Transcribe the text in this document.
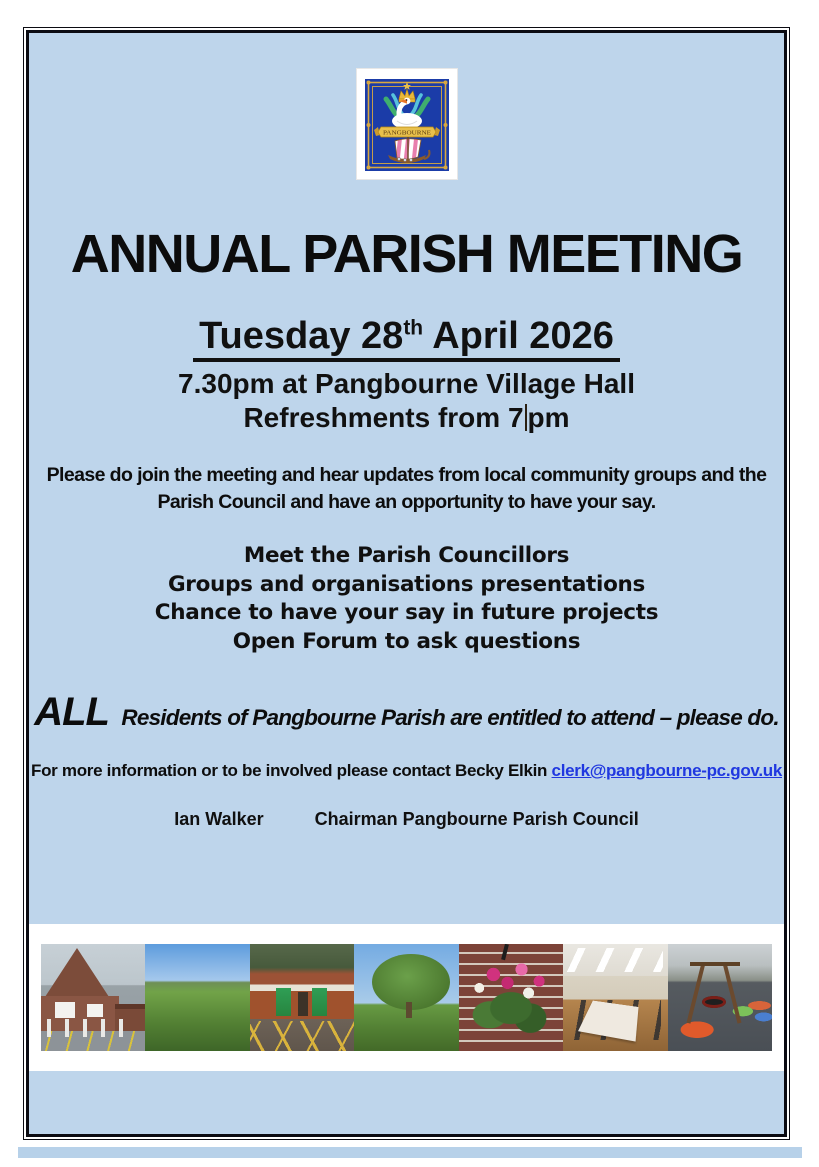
PANGBOURNE
ANNUAL PARISH MEETING
Tuesday 28th April 2026
7.30pm at Pangbourne Village Hall
Refreshments from 7 pm
Please do join the meeting and hear updates from local community groups and the Parish Council and have an opportunity to have your say.
Meet the Parish Councillors
Groups and organisations presentations
Chance to have your say in future projects
Open Forum to ask questions
ALL Residents of Pangbourne Parish are entitled to attend – please do.
For more information or to be involved please contact Becky Elkin clerk@pangbourne-pc.gov.uk
Ian Walker	Chairman Pangbourne Parish Council
